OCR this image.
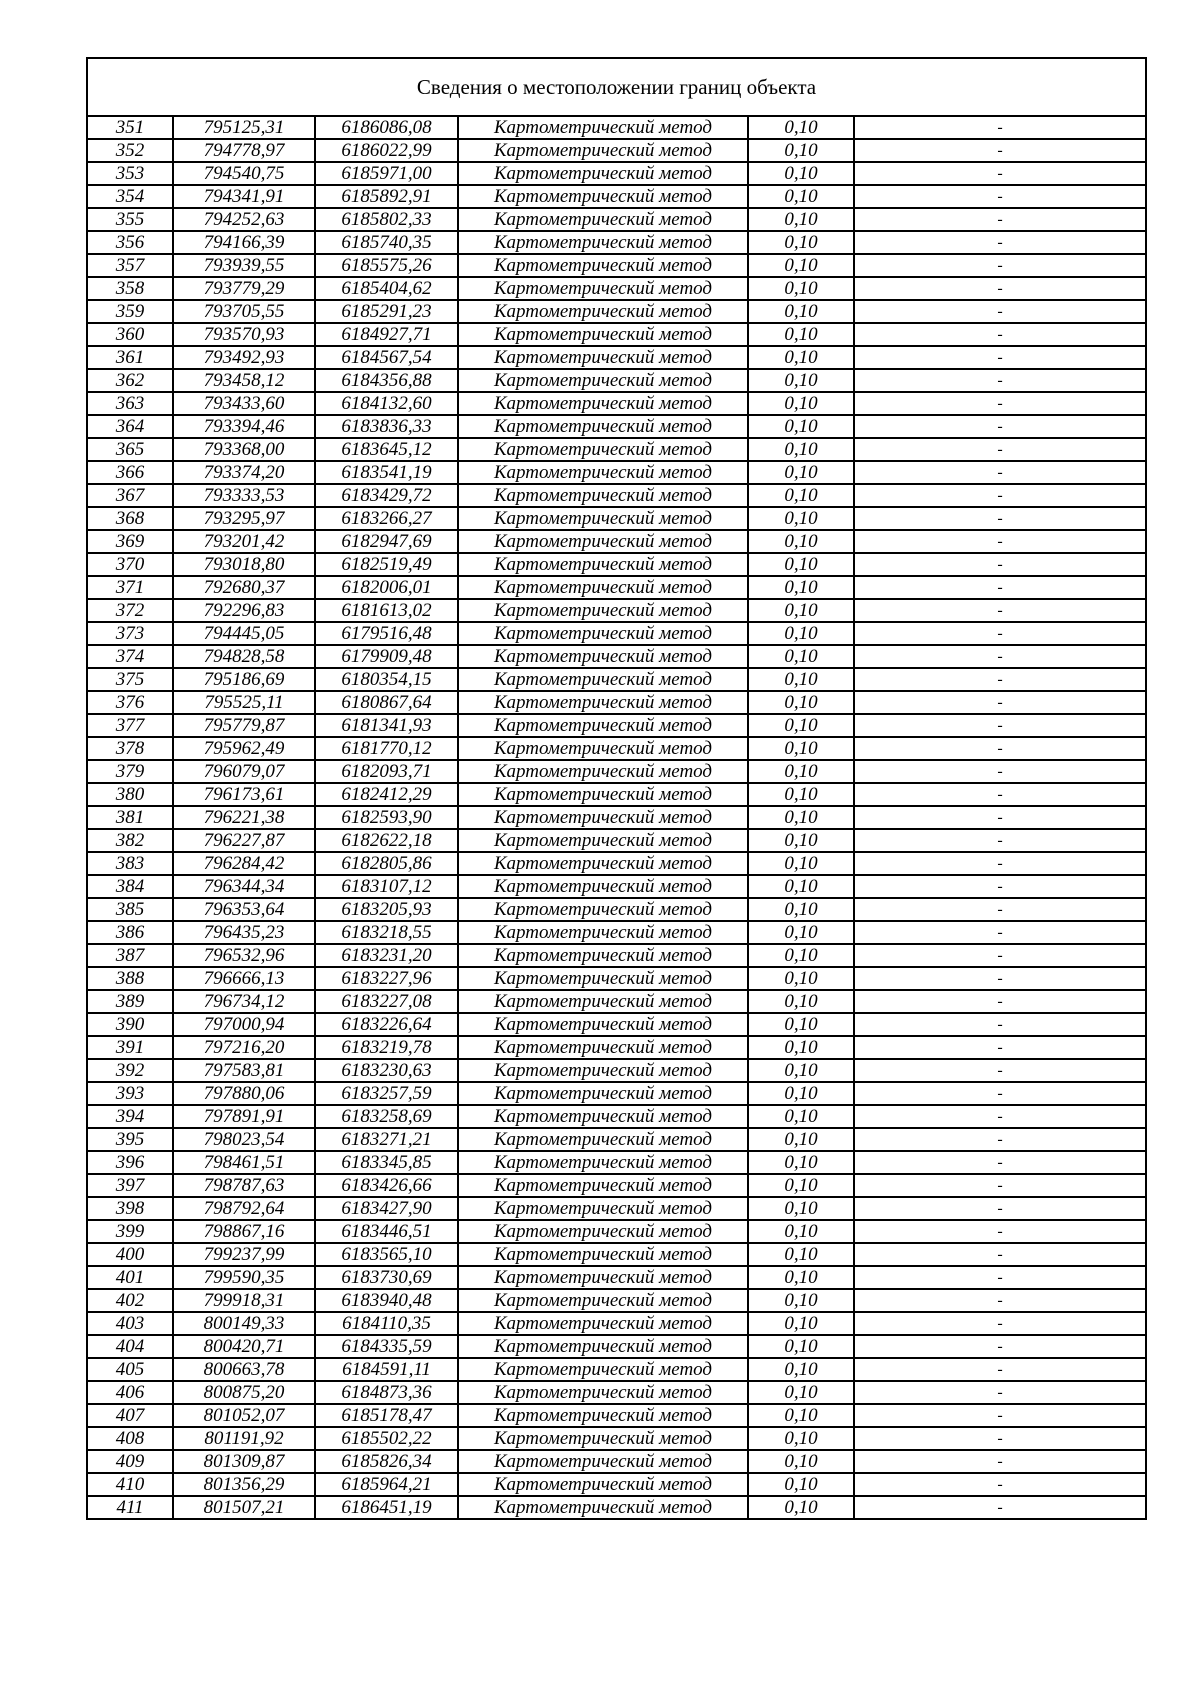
Сведения о местоположении границ объекта					
351	795125,31	6186086,08	Картометрический метод	0,10	-
352	794778,97	6186022,99	Картометрический метод	0,10	-
353	794540,75	6185971,00	Картометрический метод	0,10	-
354	794341,91	6185892,91	Картометрический метод	0,10	-
355	794252,63	6185802,33	Картометрический метод	0,10	-
356	794166,39	6185740,35	Картометрический метод	0,10	-
357	793939,55	6185575,26	Картометрический метод	0,10	-
358	793779,29	6185404,62	Картометрический метод	0,10	-
359	793705,55	6185291,23	Картометрический метод	0,10	-
360	793570,93	6184927,71	Картометрический метод	0,10	-
361	793492,93	6184567,54	Картометрический метод	0,10	-
362	793458,12	6184356,88	Картометрический метод	0,10	-
363	793433,60	6184132,60	Картометрический метод	0,10	-
364	793394,46	6183836,33	Картометрический метод	0,10	-
365	793368,00	6183645,12	Картометрический метод	0,10	-
366	793374,20	6183541,19	Картометрический метод	0,10	-
367	793333,53	6183429,72	Картометрический метод	0,10	-
368	793295,97	6183266,27	Картометрический метод	0,10	-
369	793201,42	6182947,69	Картометрический метод	0,10	-
370	793018,80	6182519,49	Картометрический метод	0,10	-
371	792680,37	6182006,01	Картометрический метод	0,10	-
372	792296,83	6181613,02	Картометрический метод	0,10	-
373	794445,05	6179516,48	Картометрический метод	0,10	-
374	794828,58	6179909,48	Картометрический метод	0,10	-
375	795186,69	6180354,15	Картометрический метод	0,10	-
376	795525,11	6180867,64	Картометрический метод	0,10	-
377	795779,87	6181341,93	Картометрический метод	0,10	-
378	795962,49	6181770,12	Картометрический метод	0,10	-
379	796079,07	6182093,71	Картометрический метод	0,10	-
380	796173,61	6182412,29	Картометрический метод	0,10	-
381	796221,38	6182593,90	Картометрический метод	0,10	-
382	796227,87	6182622,18	Картометрический метод	0,10	-
383	796284,42	6182805,86	Картометрический метод	0,10	-
384	796344,34	6183107,12	Картометрический метод	0,10	-
385	796353,64	6183205,93	Картометрический метод	0,10	-
386	796435,23	6183218,55	Картометрический метод	0,10	-
387	796532,96	6183231,20	Картометрический метод	0,10	-
388	796666,13	6183227,96	Картометрический метод	0,10	-
389	796734,12	6183227,08	Картометрический метод	0,10	-
390	797000,94	6183226,64	Картометрический метод	0,10	-
391	797216,20	6183219,78	Картометрический метод	0,10	-
392	797583,81	6183230,63	Картометрический метод	0,10	-
393	797880,06	6183257,59	Картометрический метод	0,10	-
394	797891,91	6183258,69	Картометрический метод	0,10	-
395	798023,54	6183271,21	Картометрический метод	0,10	-
396	798461,51	6183345,85	Картометрический метод	0,10	-
397	798787,63	6183426,66	Картометрический метод	0,10	-
398	798792,64	6183427,90	Картометрический метод	0,10	-
399	798867,16	6183446,51	Картометрический метод	0,10	-
400	799237,99	6183565,10	Картометрический метод	0,10	-
401	799590,35	6183730,69	Картометрический метод	0,10	-
402	799918,31	6183940,48	Картометрический метод	0,10	-
403	800149,33	6184110,35	Картометрический метод	0,10	-
404	800420,71	6184335,59	Картометрический метод	0,10	-
405	800663,78	6184591,11	Картометрический метод	0,10	-
406	800875,20	6184873,36	Картометрический метод	0,10	-
407	801052,07	6185178,47	Картометрический метод	0,10	-
408	801191,92	6185502,22	Картометрический метод	0,10	-
409	801309,87	6185826,34	Картометрический метод	0,10	-
410	801356,29	6185964,21	Картометрический метод	0,10	-
411	801507,21	6186451,19	Картометрический метод	0,10	-
